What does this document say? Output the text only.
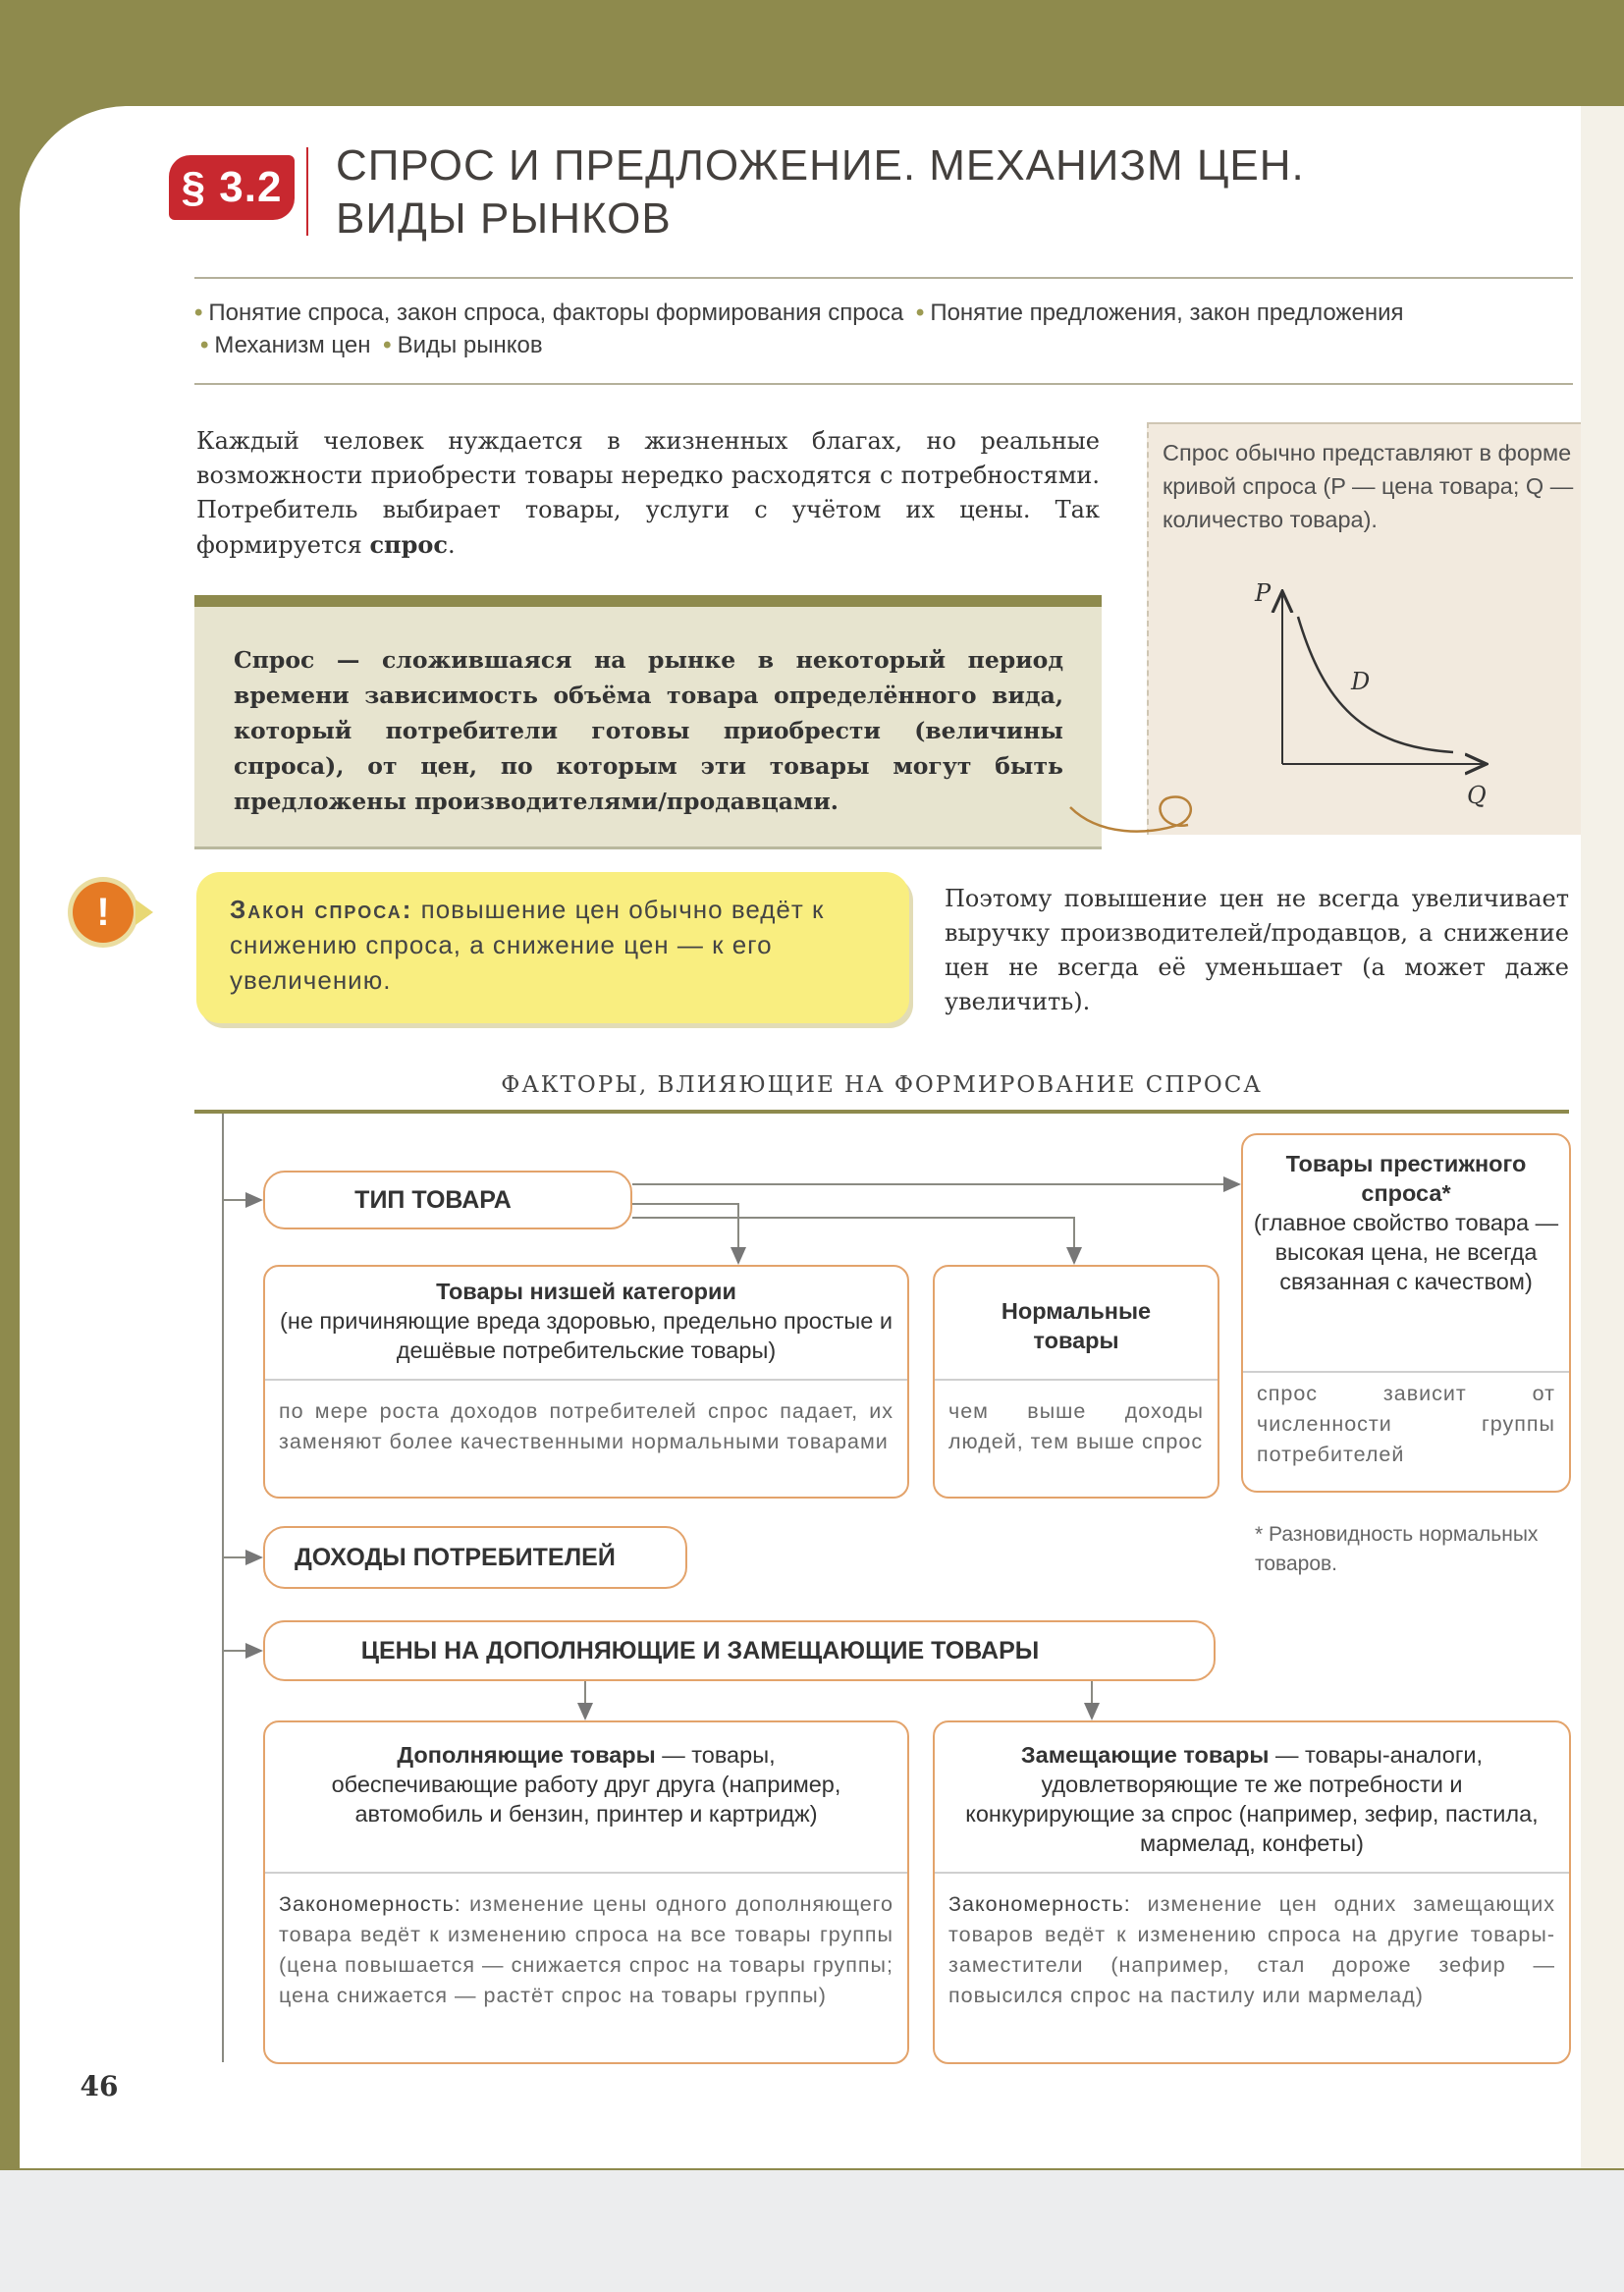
§ 3.2 СПРОС И ПРЕДЛОЖЕНИЕ. МЕХАНИЗМ ЦЕН.
ВИДЫ РЫНКОВ
• Понятие спроса, закон спроса, факторы формирования спроса • Понятие предложения, закон предложения • Механизм цен • Виды рынков
Каждый человек нуждается в жизненных благах, но реальные возможности приобрести товары нередко расходятся с потребностями. Потребитель выбирает товары, услуги с учётом их цены. Так формируется спрос.
Спрос — сложившаяся на рынке в некоторый период времени зависимость объёма товара определённого вида, который потребители готовы приобрести (величины спроса), от цен, по которым эти товары могут быть предложены производителями/продавцами.
Спрос обычно представляют в форме кривой спроса (P — цена товара; Q — количество товара).
!	Закон спроса: повышение цен обычно ведёт к снижению спроса, а снижение цен — к его увеличению.
Поэтому повышение цен не всегда увеличивает выручку производителей/продавцов, а снижение цен не всегда её уменьшает (а может даже увеличить).
ФАКТОРЫ, ВЛИЯЮЩИЕ НА ФОРМИРОВАНИЕ СПРОСА
ТИП ТОВАРА
Товары низшей категории
(не причиняющие вреда здоровью, предельно простые и дешёвые потребительские товары)
по мере роста доходов потребителей спрос падает, их заменяют более качественными нормальными товарами
Нормальные товары
чем выше доходы людей, тем выше спрос
Товары престижного спроса*
(главное свойство товара — высокая цена, не всегда связанная с качеством)
спрос зависит от численности группы потребителей
* Разновидность нормальных товаров.
ДОХОДЫ ПОТРЕБИТЕЛЕЙ
ЦЕНЫ НА ДОПОЛНЯЮЩИЕ И ЗАМЕЩАЮЩИЕ ТОВАРЫ
Дополняющие товары — товары, обеспечивающие работу друг друга (например, автомобиль и бензин, принтер и картридж)
Закономерность: изменение цены одного дополняющего товара ведёт к изменению спроса на все товары группы (цена повышается — снижается спрос на товары группы; цена снижается — растёт спрос на товары группы)
Замещающие товары — товары-аналоги, удовлетворяющие те же потребности и конкурирующие за спрос (например, зефир, пастила, мармелад, конфеты)
Закономерность: изменение цен одних замещающих товаров ведёт к изменению спроса на другие товары-заместители (например, стал дороже зефир — повысился спрос на пастилу или мармелад)
P
D
Q
46
